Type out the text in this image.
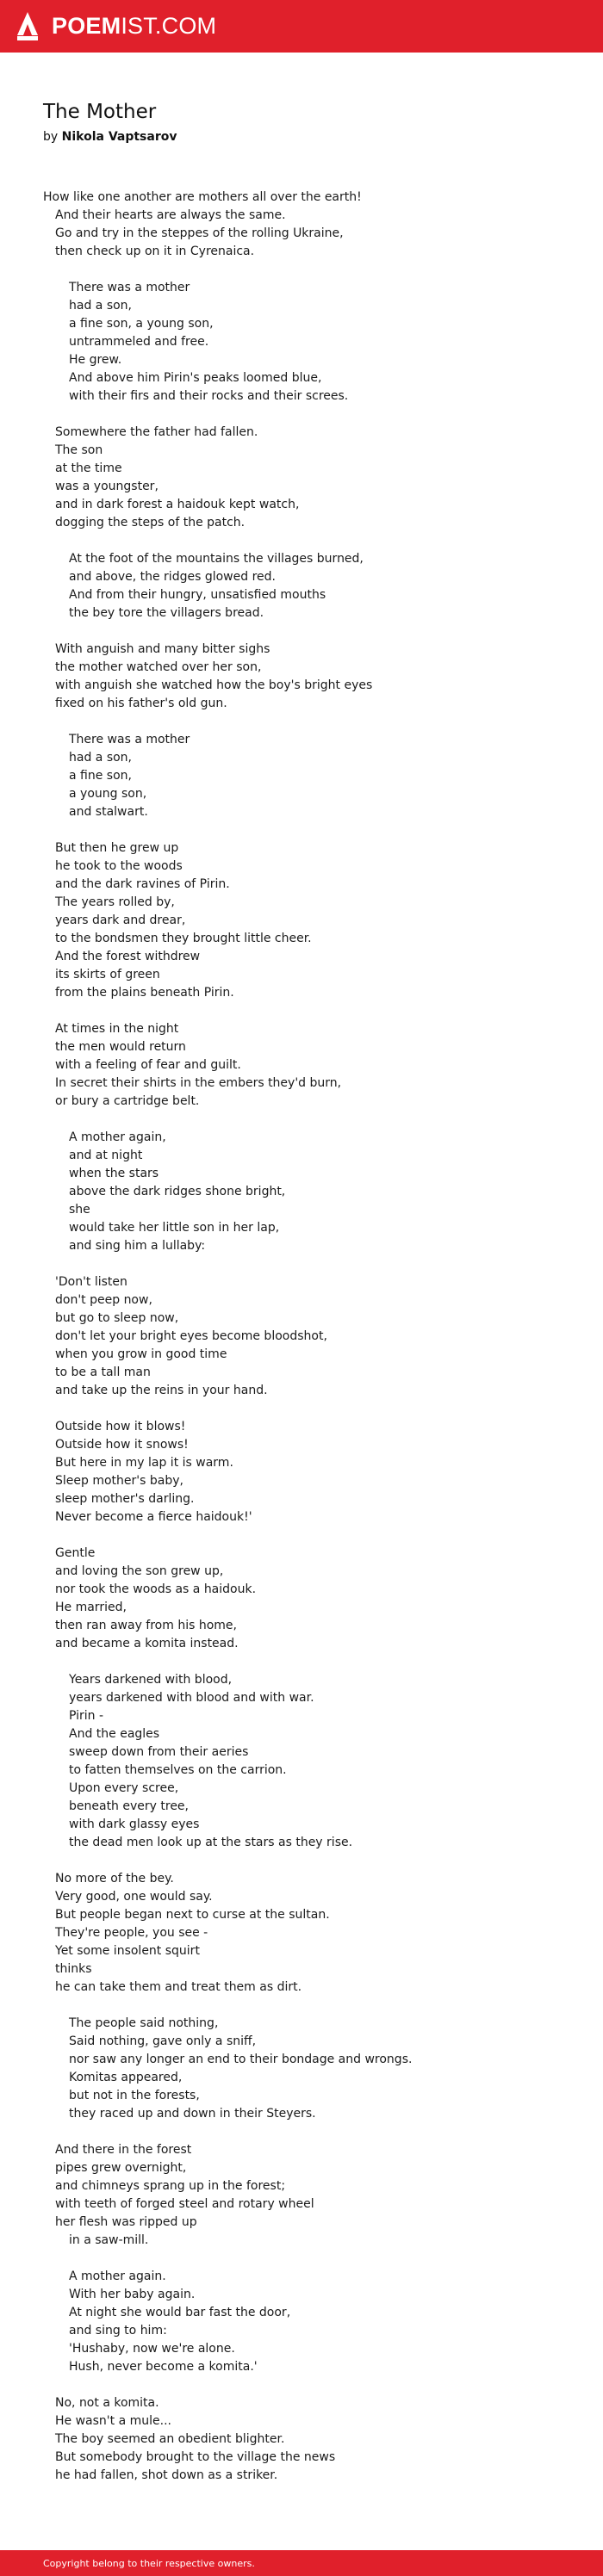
POEMIST.COM
The Mother
by Nikola Vaptsarov
How like one another are mothers all over the earth!
And their hearts are always the same.
Go and try in the steppes of the rolling Ukraine,
then check up on it in Cyrenaica.
There was a mother
had a son,
a fine son, a young son,
untrammeled and free.
He grew.
And above him Pirin's peaks loomed blue,
with their firs and their rocks and their screes.
Somewhere the father had fallen.
The son
at the time
was a youngster,
and in dark forest a haidouk kept watch,
dogging the steps of the patch.
At the foot of the mountains the villages burned,
and above, the ridges glowed red.
And from their hungry, unsatisfied mouths
the bey tore the villagers bread.
With anguish and many bitter sighs
the mother watched over her son,
with anguish she watched how the boy's bright eyes
fixed on his father's old gun.
There was a mother
had a son,
a fine son,
a young son,
and stalwart.
But then he grew up
he took to the woods
and the dark ravines of Pirin.
The years rolled by,
years dark and drear,
to the bondsmen they brought little cheer.
And the forest withdrew
its skirts of green
from the plains beneath Pirin.
At times in the night
the men would return
with a feeling of fear and guilt.
In secret their shirts in the embers they'd burn,
or bury a cartridge belt.
A mother again,
and at night
when the stars
above the dark ridges shone bright,
she
would take her little son in her lap,
and sing him a lullaby:
'Don't listen
don't peep now,
but go to sleep now,
don't let your bright eyes become bloodshot,
when you grow in good time
to be a tall man
and take up the reins in your hand.
Outside how it blows!
Outside how it snows!
But here in my lap it is warm.
Sleep mother's baby,
sleep mother's darling.
Never become a fierce haidouk!'
Gentle
and loving the son grew up,
nor took the woods as a haidouk.
He married,
then ran away from his home,
and became a komita instead.
Years darkened with blood,
years darkened with blood and with war.
Pirin -
And the eagles
sweep down from their aeries
to fatten themselves on the carrion.
Upon every scree,
beneath every tree,
with dark glassy eyes
the dead men look up at the stars as they rise.
No more of the bey.
Very good, one would say.
But people began next to curse at the sultan.
They're people, you see -
Yet some insolent squirt
thinks
he can take them and treat them as dirt.
The people said nothing,
Said nothing, gave only a sniff,
nor saw any longer an end to their bondage and wrongs.
Komitas appeared,
but not in the forests,
they raced up and down in their Steyers.
And there in the forest
pipes grew overnight,
and chimneys sprang up in the forest;
with teeth of forged steel and rotary wheel
her flesh was ripped up
in a saw-mill.
A mother again.
With her baby again.
At night she would bar fast the door,
and sing to him:
'Hushaby, now we're alone.
Hush, never become a komita.'
No, not a komita.
He wasn't a mule...
The boy seemed an obedient blighter.
But somebody brought to the village the news
he had fallen, shot down as a striker.
Copyright belong to their respective owners.
